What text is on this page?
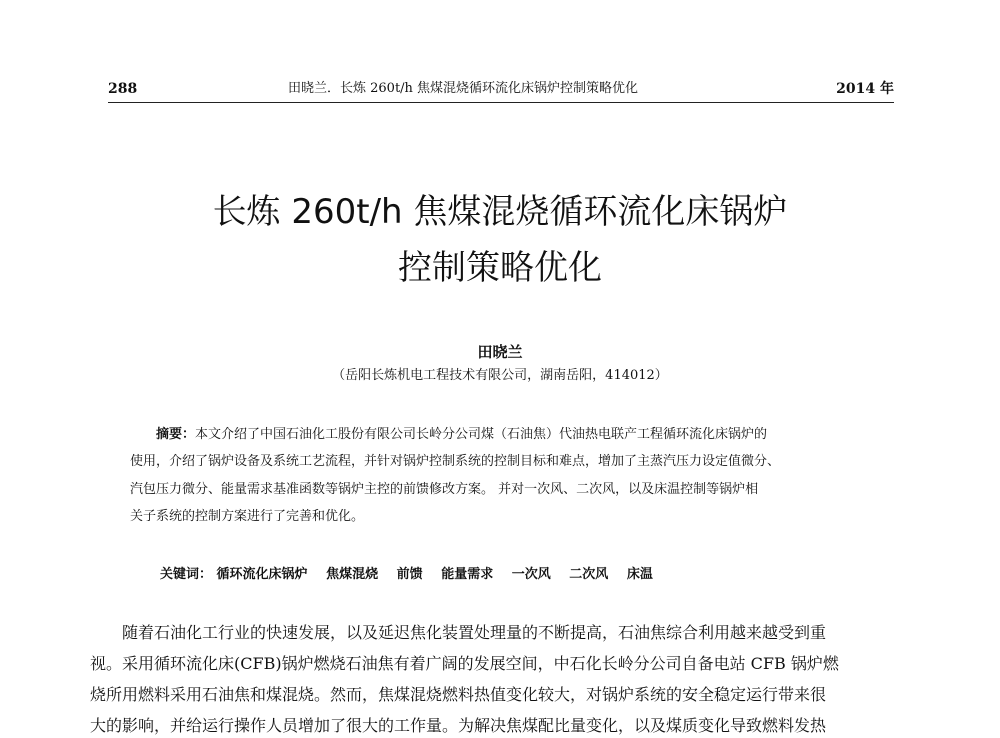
288	田晓兰．长炼 260t/h 焦煤混烧循环流化床锅炉控制策略优化	2014 年
长炼 260t/h 焦煤混烧循环流化床锅炉
控制策略优化
田晓兰
（岳阳长炼机电工程技术有限公司，湖南岳阳，414012）
摘要：本文介绍了中国石油化工股份有限公司长岭分公司煤（石油焦）代油热电联产工程循环流化床锅炉的
使用，介绍了锅炉设备及系统工艺流程，并针对锅炉控制系统的控制目标和难点，增加了主蒸汽压力设定值微分、
汽包压力微分、能量需求基准函数等锅炉主控的前馈修改方案。 并对一次风、二次风，以及床温控制等锅炉相
关子系统的控制方案进行了完善和优化。
关键词： 循环流化床锅炉 焦煤混烧 前馈 能量需求 一次风 二次风 床温
随着石油化工行业的快速发展，以及延迟焦化装置处理量的不断提高，石油焦综合利用越来越受到重
视。采用循环流化床(CFB)锅炉燃烧石油焦有着广阔的发展空间，中石化长岭分公司自备电站 CFB 锅炉燃
烧所用燃料采用石油焦和煤混烧。然而，焦煤混烧燃料热值变化较大，对锅炉系统的安全稳定运行带来很
大的影响，并给运行操作人员增加了很大的工作量。为解决焦煤配比量变化，以及煤质变化导致燃料发热
